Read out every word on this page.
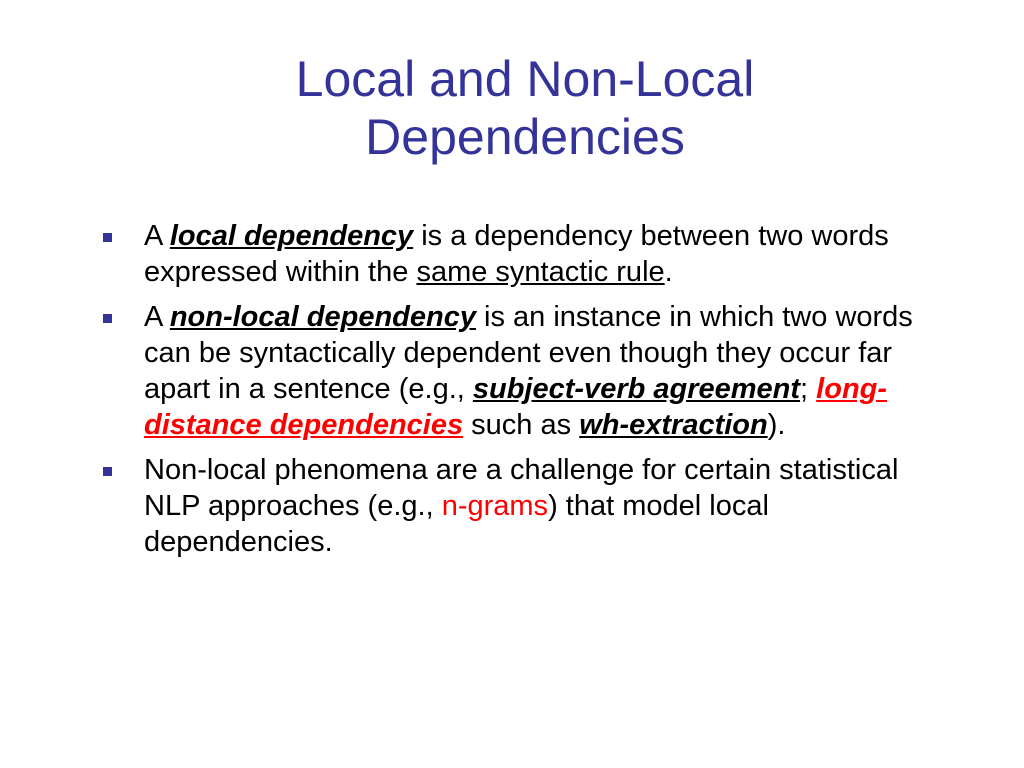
Local and Non-Local
Dependencies
A local dependency is a dependency between two words expressed within the same syntactic rule.
A non-local dependency is an instance in which two words can be syntactically dependent even though they occur far apart in a sentence (e.g., subject-verb agreement; long-distance dependencies such as wh-extraction).
Non-local phenomena are a challenge for certain statistical NLP approaches (e.g., n-grams) that model local dependencies.
